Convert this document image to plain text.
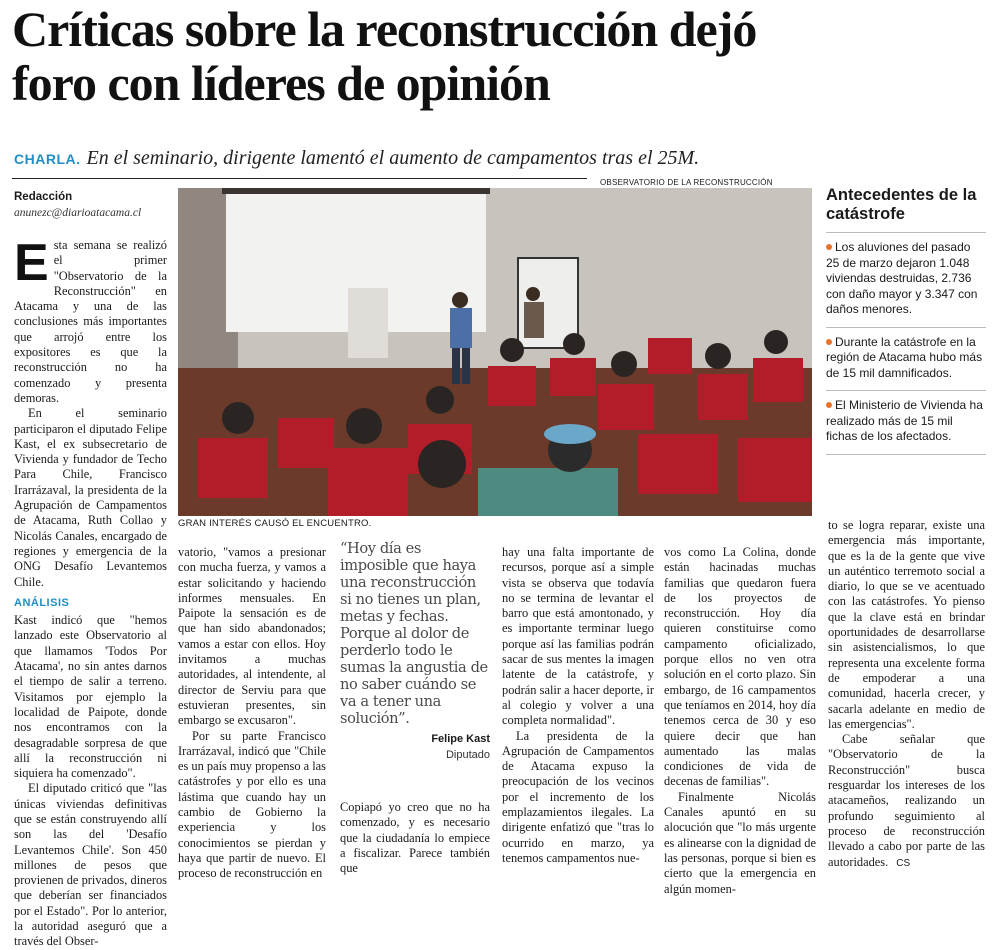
Críticas sobre la reconstrucción dejó
foro con líderes de opinión
CHARLA. En el seminario, dirigente lamentó el aumento de campamentos tras el 25M.
Redacción
anunezc@diarioatacama.cl

Esta semana se realizó el primer "Observatorio de la Reconstrucción" en Atacama y una de las conclusiones más importantes que arrojó entre los expositores es que la reconstrucción no ha comenzado y presenta demoras.

En el seminario participaron el diputado Felipe Kast, el ex subsecretario de Vivienda y fundador de Techo Para Chile, Francisco Irarrázaval, la presidenta de la Agrupación de Campamentos de Atacama, Ruth Collao y Nicolás Canales, encargado de regiones y emergencia de la ONG Desafío Levantemos Chile.

ANÁLISIS

Kast indicó que "hemos lanzado este Observatorio al que llamamos 'Todos Por Atacama', no sin antes darnos el tiempo de salir a terreno. Visitamos por ejemplo la localidad de Paipote, donde nos encontramos con la desagradable sorpresa de que allí la reconstrucción ni siquiera ha comenzado".

El diputado criticó que "las únicas viviendas definitivas que se están construyendo allí son las del 'Desafío Levantemos Chile'. Son 450 millones de pesos que provienen de privados, dineros que deberían ser financiados por el Estado". Por lo anterior, la autoridad aseguró que a través del Obser-

OBSERVATORIO DE LA RECONSTRUCCIÓN
GRAN INTERÉS CAUSÓ EL ENCUENTRO.
Antecedentes de la catástrofe
Los aluviones del pasado 25 de marzo dejaron 1.048 viviendas destruidas, 2.736 con daño mayor y 3.347 con daños menores.
Durante la catástrofe en la región de Atacama hubo más de 15 mil damnificados.
El Ministerio de Vivienda ha realizado más de 15 mil fichas de los afectados.

vatorio, "vamos a presionar con mucha fuerza, y vamos a estar solicitando y haciendo informes mensuales. En Paipote la sensación es de que han sido abandonados; vamos a estar con ellos. Hoy invitamos a muchas autoridades, al intendente, al director de Serviu para que estuvieran presentes, sin embargo se excusaron".

Por su parte Francisco Irarrázaval, indicó que "Chile es un país muy propenso a las catástrofes y por ello es una lástima que cuando hay un cambio de Gobierno la experiencia y los conocimientos se pierdan y haya que partir de nuevo. El proceso de reconstrucción en

“Hoy día es imposible que haya una reconstrucción si no tienes un plan, metas y fechas. Porque al dolor de perderlo todo le sumas la angustia de no saber cuándo se va a tener una solución”.
Felipe Kast
Diputado

Copiapó yo creo que no ha comenzado, y es necesario que la ciudadanía lo empiece a fiscalizar. Parece también que

hay una falta importante de recursos, porque así a simple vista se observa que todavía no se termina de levantar el barro que está amontonado, y es importante terminar luego porque así las familias podrán sacar de sus mentes la imagen latente de la catástrofe, y podrán salir a hacer deporte, ir al colegio y volver a una completa normalidad".

La presidenta de la Agrupación de Campamentos de Atacama expuso la preocupación de los vecinos por el incremento de los emplazamientos ilegales. La dirigente enfatizó que "tras lo ocurrido en marzo, ya tenemos campamentos nue-

vos como La Colina, donde están hacinadas muchas familias que quedaron fuera de los proyectos de reconstrucción. Hoy día quieren constituirse como campamento oficializado, porque ellos no ven otra solución en el corto plazo. Sin embargo, de 16 campamentos que teníamos en 2014, hoy día tenemos cerca de 30 y eso quiere decir que han aumentado las malas condiciones de vida de decenas de familias".

Finalmente Nicolás Canales apuntó en su alocución que "lo más urgente es alinearse con la dignidad de las personas, porque si bien es cierto que la emergencia en algún momen-

to se logra reparar, existe una emergencia más importante, que es la de la gente que vive un auténtico terremoto social a diario, lo que se ve acentuado con las catástrofes. Yo pienso que la clave está en brindar oportunidades de desarrollarse sin asistencialismos, lo que representa una excelente forma de empoderar a una comunidad, hacerla crecer, y sacarla adelante en medio de las emergencias".

Cabe señalar que "Observatorio de la Reconstrucción" busca resguardar los intereses de los atacameños, realizando un profundo seguimiento al proceso de reconstrucción llevado a cabo por parte de las autoridades. CS
